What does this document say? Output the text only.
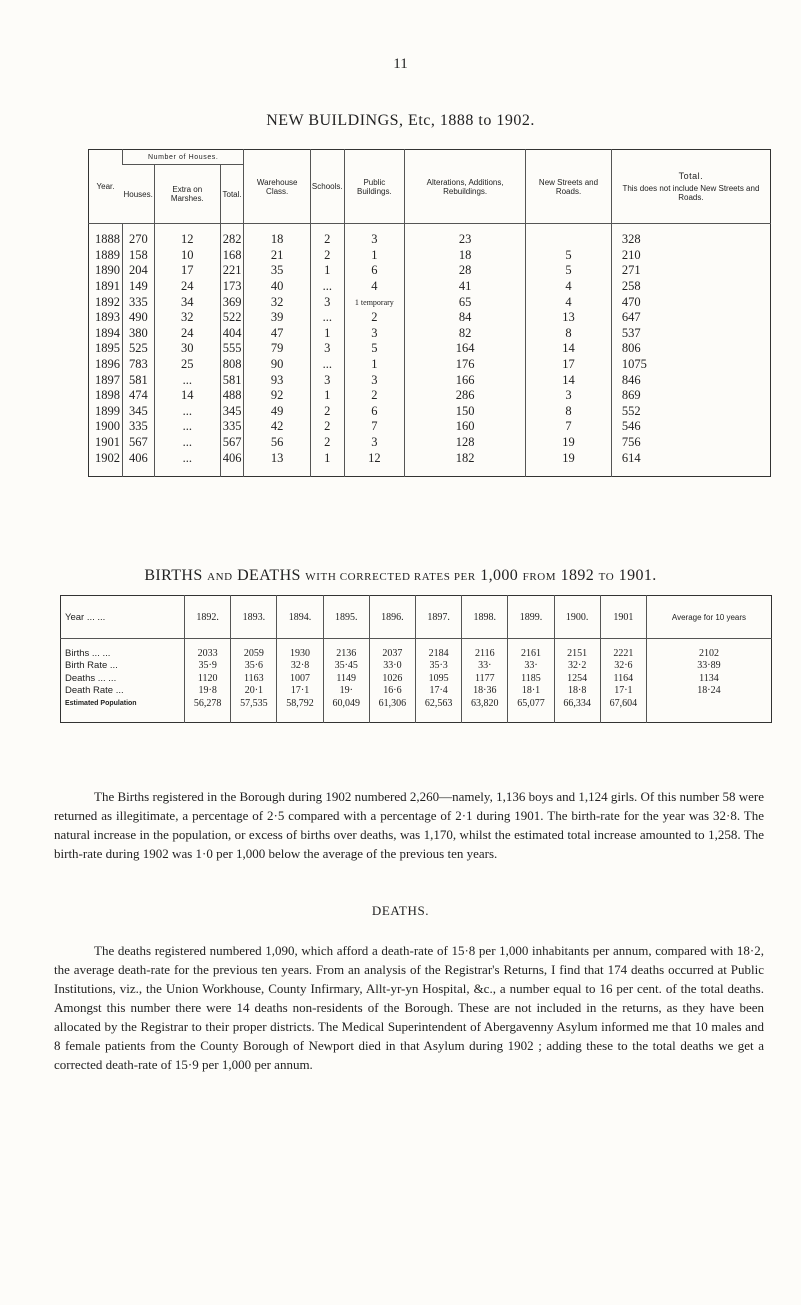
11
NEW BUILDINGS, Etc, 1888 to 1902.
Year.	Number of Houses.			Warehouse Class.	Schools.	Public Buildings.	Alterations, Additions, Rebuildings.	New Streets and Roads.	Total.
This does not include New Streets and Roads.

	Houses.	Extra on Marshes.	Total.						
1888	270	12	282	18	2	3	23		328
1889	158	10	168	21	2	1	18	5	210
1890	204	17	221	35	1	6	28	5	271
1891	149	24	173	40	...	4	41	4	258
1892	335	34	369	32	3	1 temporary	65	4	470
1893	490	32	522	39	...	2	84	13	647
1894	380	24	404	47	1	3	82	8	537
1895	525	30	555	79	3	5	164	14	806
1896	783	25	808	90	...	1	176	17	1075
1897	581	...	581	93	3	3	166	14	846
1898	474	14	488	92	1	2	286	3	869
1899	345	...	345	49	2	6	150	8	552
1900	335	...	335	42	2	7	160	7	546
1901	567	...	567	56	2	3	128	19	756
1902	406	...	406	13	1	12	182	19	614
BIRTHS AND DEATHS WITH CORRECTED RATES PER 1,000 FROM 1892 TO 1901.
Year ... ...	1892.	1893.	1894.	1895.	1896.	1897.	1898.	1899.	1900.	1901	Average for 10 years
Births ... ...	2033	2059	1930	2136	2037	2184	2116	2161	2151	2221	2102
Birth Rate ...	35·9	35·6	32·8	35·45	33·0	35·3	33·	33·	32·2	32·6	33·89
Deaths ... ...	1120	1163	1007	1149	1026	1095	1177	1185	1254	1164	1134
Death Rate ...	19·8	20·1	17·1	19·	16·6	17·4	18·36	18·1	18·8	17·1	18·24
Estimated Population	56,278	57,535	58,792	60,049	61,306	62,563	63,820	65,077	66,334	67,604	

The Births registered in the Borough during 1902 numbered 2,260—namely, 1,136 boys and 1,124 girls. Of this number 58 were returned as illegitimate, a percentage of 2·5 compared with a percentage of 2·1 during 1901. The birth-rate for the year was 32·8. The natural increase in the population, or excess of births over deaths, was 1,170, whilst the estimated total increase amounted to 1,258. The birth-rate during 1902 was 1·0 per 1,000 below the average of the previous ten years.

DEATHS.

The deaths registered numbered 1,090, which afford a death-rate of 15·8 per 1,000 inhabitants per annum, compared with 18·2, the average death-rate for the previous ten years. From an analysis of the Registrar's Returns, I find that 174 deaths occurred at Public Institutions, viz., the Union Workhouse, County Infirmary, Allt-yr-yn Hospital, &c., a number equal to 16 per cent. of the total deaths. Amongst this number there were 14 deaths non-residents of the Borough. These are not included in the returns, as they have been allocated by the Registrar to their proper districts. The Medical Superintendent of Abergavenny Asylum informed me that 10 males and 8 female patients from the County Borough of Newport died in that Asylum during 1902 ; adding these to the total deaths we get a corrected death-rate of 15·9 per 1,000 per annum.
